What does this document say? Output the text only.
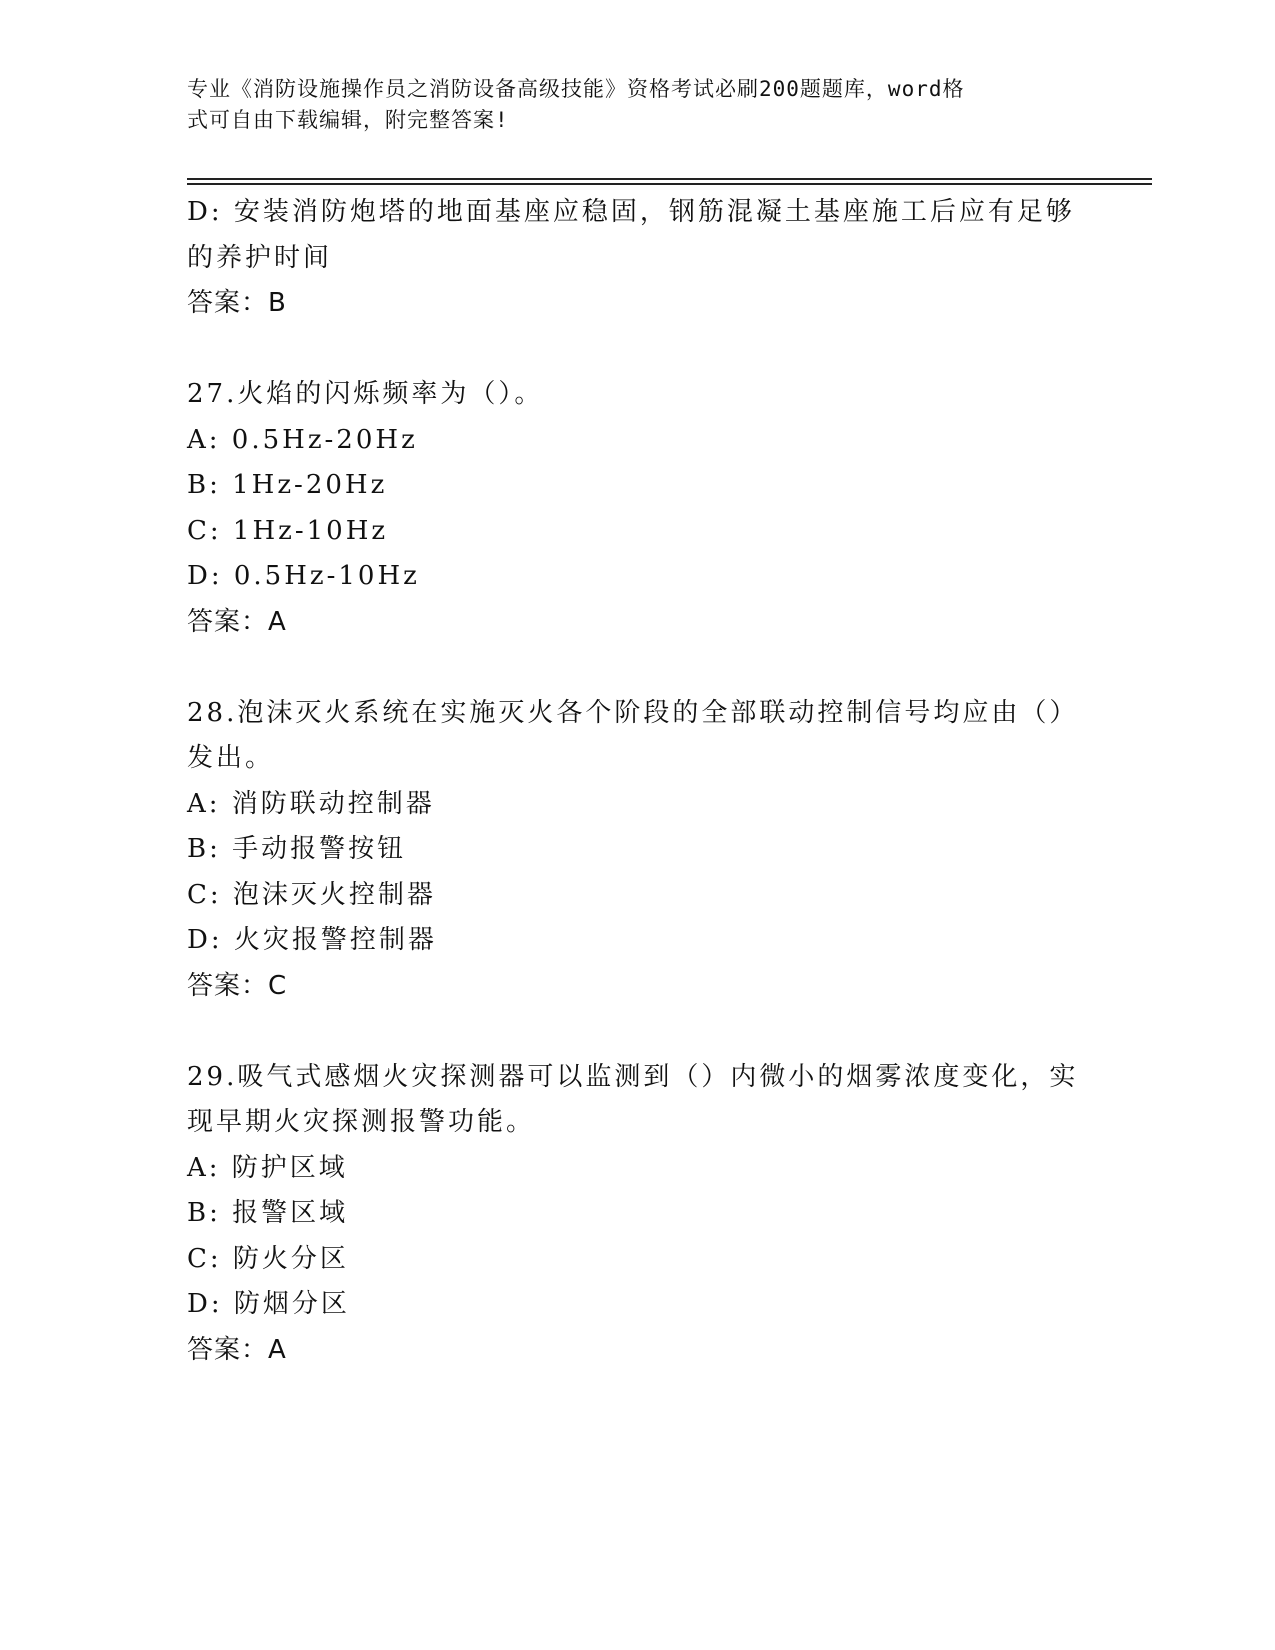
专业《消防设施操作员之消防设备高级技能》资格考试必刷200题题库，word格
式可自由下载编辑，附完整答案!
D: 安装消防炮塔的地面基座应稳固，钢筋混凝土基座施工后应有足够
的养护时间
答案：B
27.火焰的闪烁频率为（）。
A: 0.5Hz-20Hz
B: 1Hz-20Hz
C: 1Hz-10Hz
D: 0.5Hz-10Hz
答案：A
28.泡沫灭火系统在实施灭火各个阶段的全部联动控制信号均应由（）
发出。
A: 消防联动控制器
B: 手动报警按钮
C: 泡沫灭火控制器
D: 火灾报警控制器
答案：C
29.吸气式感烟火灾探测器可以监测到（）内微小的烟雾浓度变化，实
现早期火灾探测报警功能。
A: 防护区域
B: 报警区域
C: 防火分区
D: 防烟分区
答案：A
